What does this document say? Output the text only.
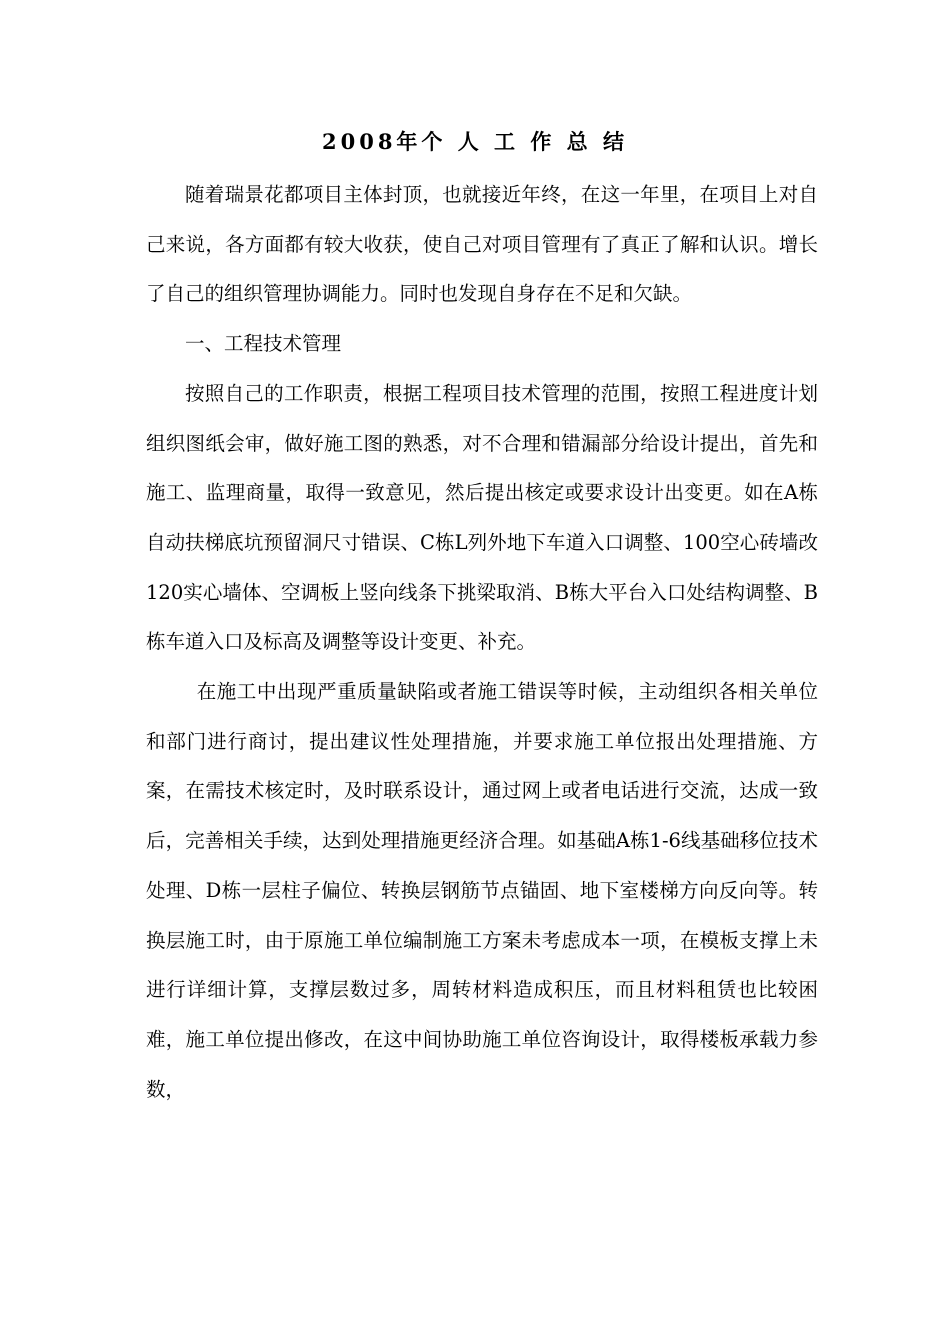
2008年个 人 工 作 总 结

随着瑞景花都项目主体封顶，也就接近年终，在这一年里，在项目上对自己来说，各方面都有较大收获，使自己对项目管理有了真正了解和认识。增长了自己的组织管理协调能力。同时也发现自身存在不足和欠缺。

一、工程技术管理

按照自己的工作职责，根据工程项目技术管理的范围，按照工程进度计划组织图纸会审，做好施工图的熟悉，对不合理和错漏部分给设计提出，首先和施工、监理商量，取得一致意见，然后提出核定或要求设计出变更。如在A栋自动扶梯底坑预留洞尺寸错误、C栋L列外地下车道入口调整、100空心砖墙改120实心墙体、空调板上竖向线条下挑梁取消、B栋大平台入口处结构调整、B栋车道入口及标高及调整等设计变更、补充。

在施工中出现严重质量缺陷或者施工错误等时候，主动组织各相关单位和部门进行商讨，提出建议性处理措施，并要求施工单位报出处理措施、方案，在需技术核定时，及时联系设计，通过网上或者电话进行交流，达成一致后，完善相关手续，达到处理措施更经济合理。如基础A栋1-6线基础移位技术处理、D栋一层柱子偏位、转换层钢筋节点锚固、地下室楼梯方向反向等。转换层施工时，由于原施工单位编制施工方案未考虑成本一项，在模板支撑上未进行详细计算，支撑层数过多，周转材料造成积压，而且材料租赁也比较困难，施工单位提出修改，在这中间协助施工单位咨询设计，取得楼板承载力参数，
